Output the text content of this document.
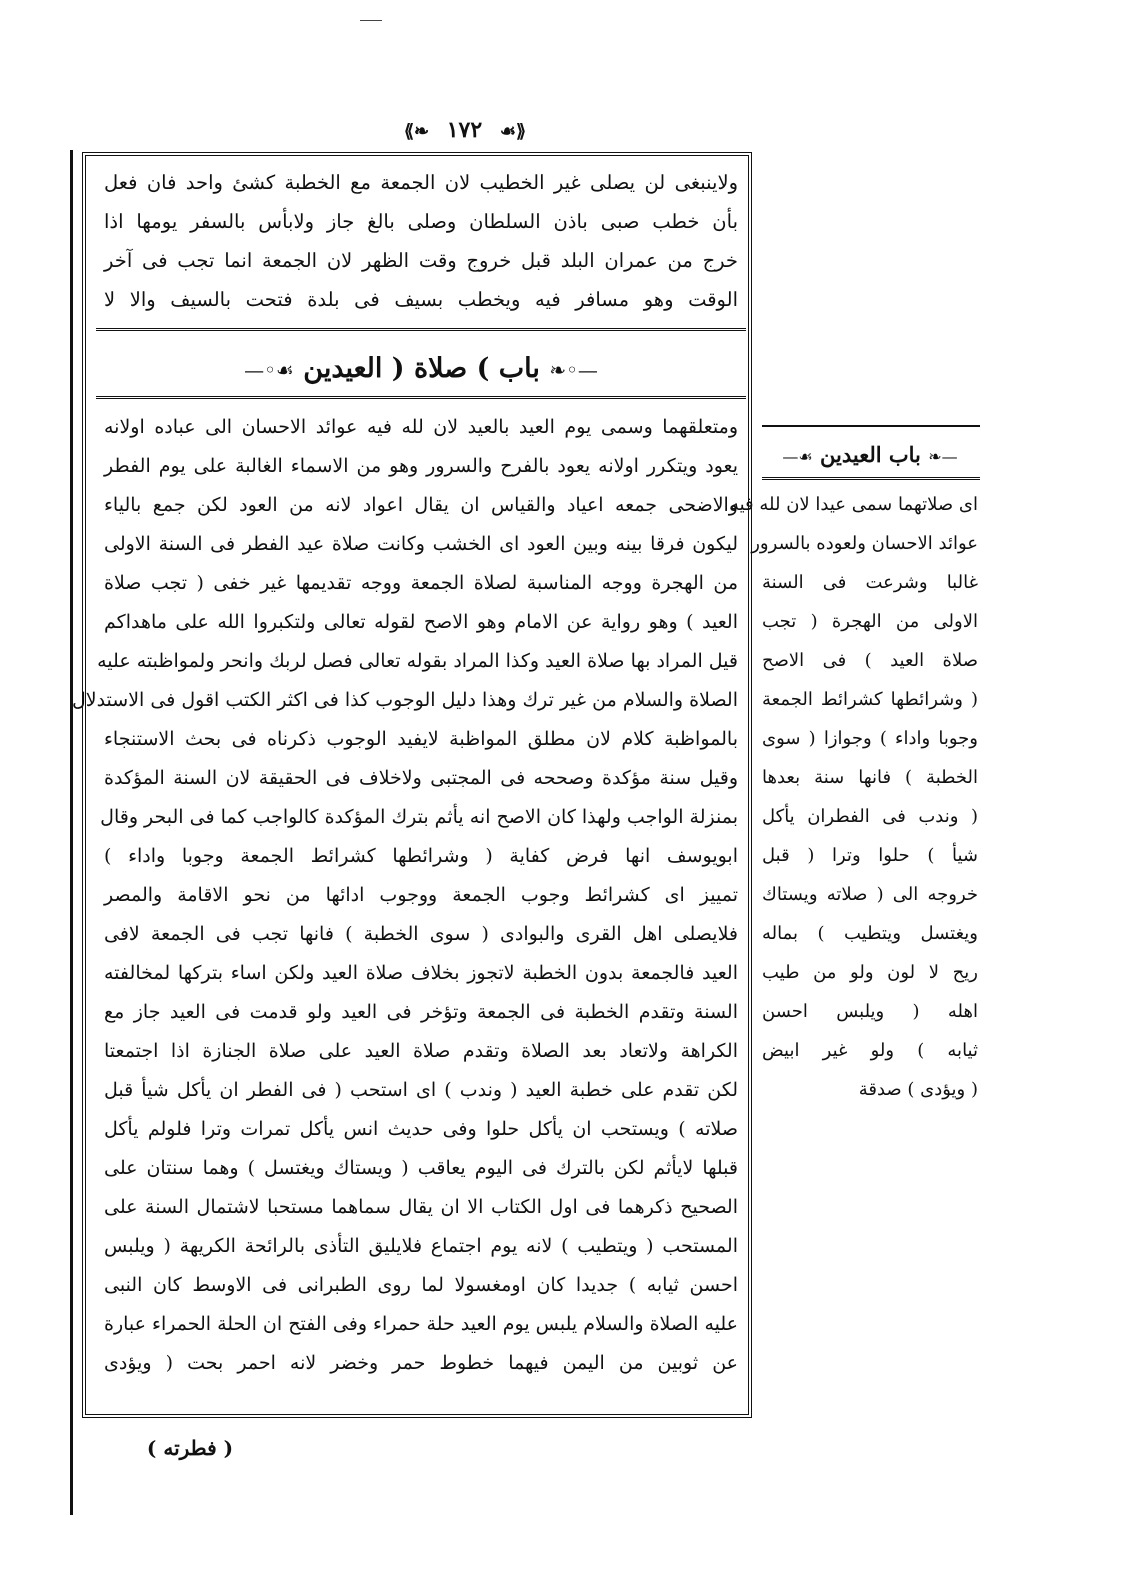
⟪❧ ١٧٢ ☙⟫
ولاينبغى لن يصلى غير الخطيب لان الجمعة مع الخطبة كشئ واحد فان فعل
بأن خطب صبى باذن السلطان وصلى بالغ جاز ولابأس بالسفر يومها اذا
خرج من عمران البلد قبل خروج وقت الظهر لان الجمعة انما تجب فى آخر
الوقت وهو مسافر فيه ويخطب بسيف فى بلدة فتحت بالسيف والا لا
—◦❧ باب ) صلاة ( العيدين ☙◦—
ومتعلقهما وسمى يوم العيد بالعيد لان لله فيه عوائد الاحسان الى عباده اولانه
يعود ويتكرر اولانه يعود بالفرح والسرور وهو من الاسماء الغالبة على يوم الفطر
والاضحى جمعه اعياد والقياس ان يقال اعواد لانه من العود لكن جمع بالياء
ليكون فرقا بينه وبين العود اى الخشب وكانت صلاة عيد الفطر فى السنة الاولى
من الهجرة ووجه المناسبة لصلاة الجمعة ووجه تقديمها غير خفى ( تجب صلاة
العيد ) وهو رواية عن الامام وهو الاصح لقوله تعالى ولتكبروا الله على ماهداكم
قيل المراد بها صلاة العيد وكذا المراد بقوله تعالى فصل لربك وانحر ولمواظبته عليه
الصلاة والسلام من غير ترك وهذا دليل الوجوب كذا فى اكثر الكتب اقول فى الاستدلال
بالمواظبة كلام لان مطلق المواظبة لايفيد الوجوب ذكرناه فى بحث الاستنجاء
وقيل سنة مؤكدة وصححه فى المجتبى ولاخلاف فى الحقيقة لان السنة المؤكدة
بمنزلة الواجب ولهذا كان الاصح انه يأثم بترك المؤكدة كالواجب كما فى البحر وقال
ابويوسف انها فرض كفاية ( وشرائطها كشرائط الجمعة وجوبا واداء )
تمييز اى كشرائط وجوب الجمعة ووجوب ادائها من نحو الاقامة والمصر
فلايصلى اهل القرى والبوادى ( سوى الخطبة ) فانها تجب فى الجمعة لافى
العيد فالجمعة بدون الخطبة لاتجوز بخلاف صلاة العيد ولكن اساء بتركها لمخالفته
السنة وتقدم الخطبة فى الجمعة وتؤخر فى العيد ولو قدمت فى العيد جاز مع
الكراهة ولاتعاد بعد الصلاة وتقدم صلاة العيد على صلاة الجنازة اذا اجتمعتا
لكن تقدم على خطبة العيد ( وندب ) اى استحب ( فى الفطر ان يأكل شيأ قبل
صلاته ) ويستحب ان يأكل حلوا وفى حديث انس يأكل تمرات وترا فلولم يأكل
قبلها لايأثم لكن بالترك فى اليوم يعاقب ( ويستاك ويغتسل ) وهما سنتان على
الصحيح ذكرهما فى اول الكتاب الا ان يقال سماهما مستحبا لاشتمال السنة على
المستحب ( ويتطيب ) لانه يوم اجتماع فلايليق التأذى بالرائحة الكريهة ( ويلبس
احسن ثيابه ) جديدا كان اومغسولا لما روى الطبرانى فى الاوسط كان النبى
عليه الصلاة والسلام يلبس يوم العيد حلة حمراء وفى الفتح ان الحلة الحمراء عبارة
عن ثوبين من اليمن فيهما خطوط حمر وخضر لانه احمر بحت ( ويؤدى
—❧ باب العيدين ☙—
اى صلاتهما سمى عيدا لان لله فيه
عوائد الاحسان ولعوده بالسرور
غالبا وشرعت فى السنة
الاولى من الهجرة ( تجب
صلاة العيد ) فى الاصح
( وشرائطها كشرائط الجمعة
وجوبا واداء ) وجوازا ( سوى
الخطبة ) فانها سنة بعدها
( وندب فى الفطران يأكل
شيأ ) حلوا وترا ( قبل
خروجه الى ( صلاته ويستاك
ويغتسل ويتطيب ) بماله
ريح لا لون ولو من طيب
اهله ( ويلبس احسن
ثيابه ) ولو غير ابيض
( ويؤدى ) صدقة
( فطرته )
